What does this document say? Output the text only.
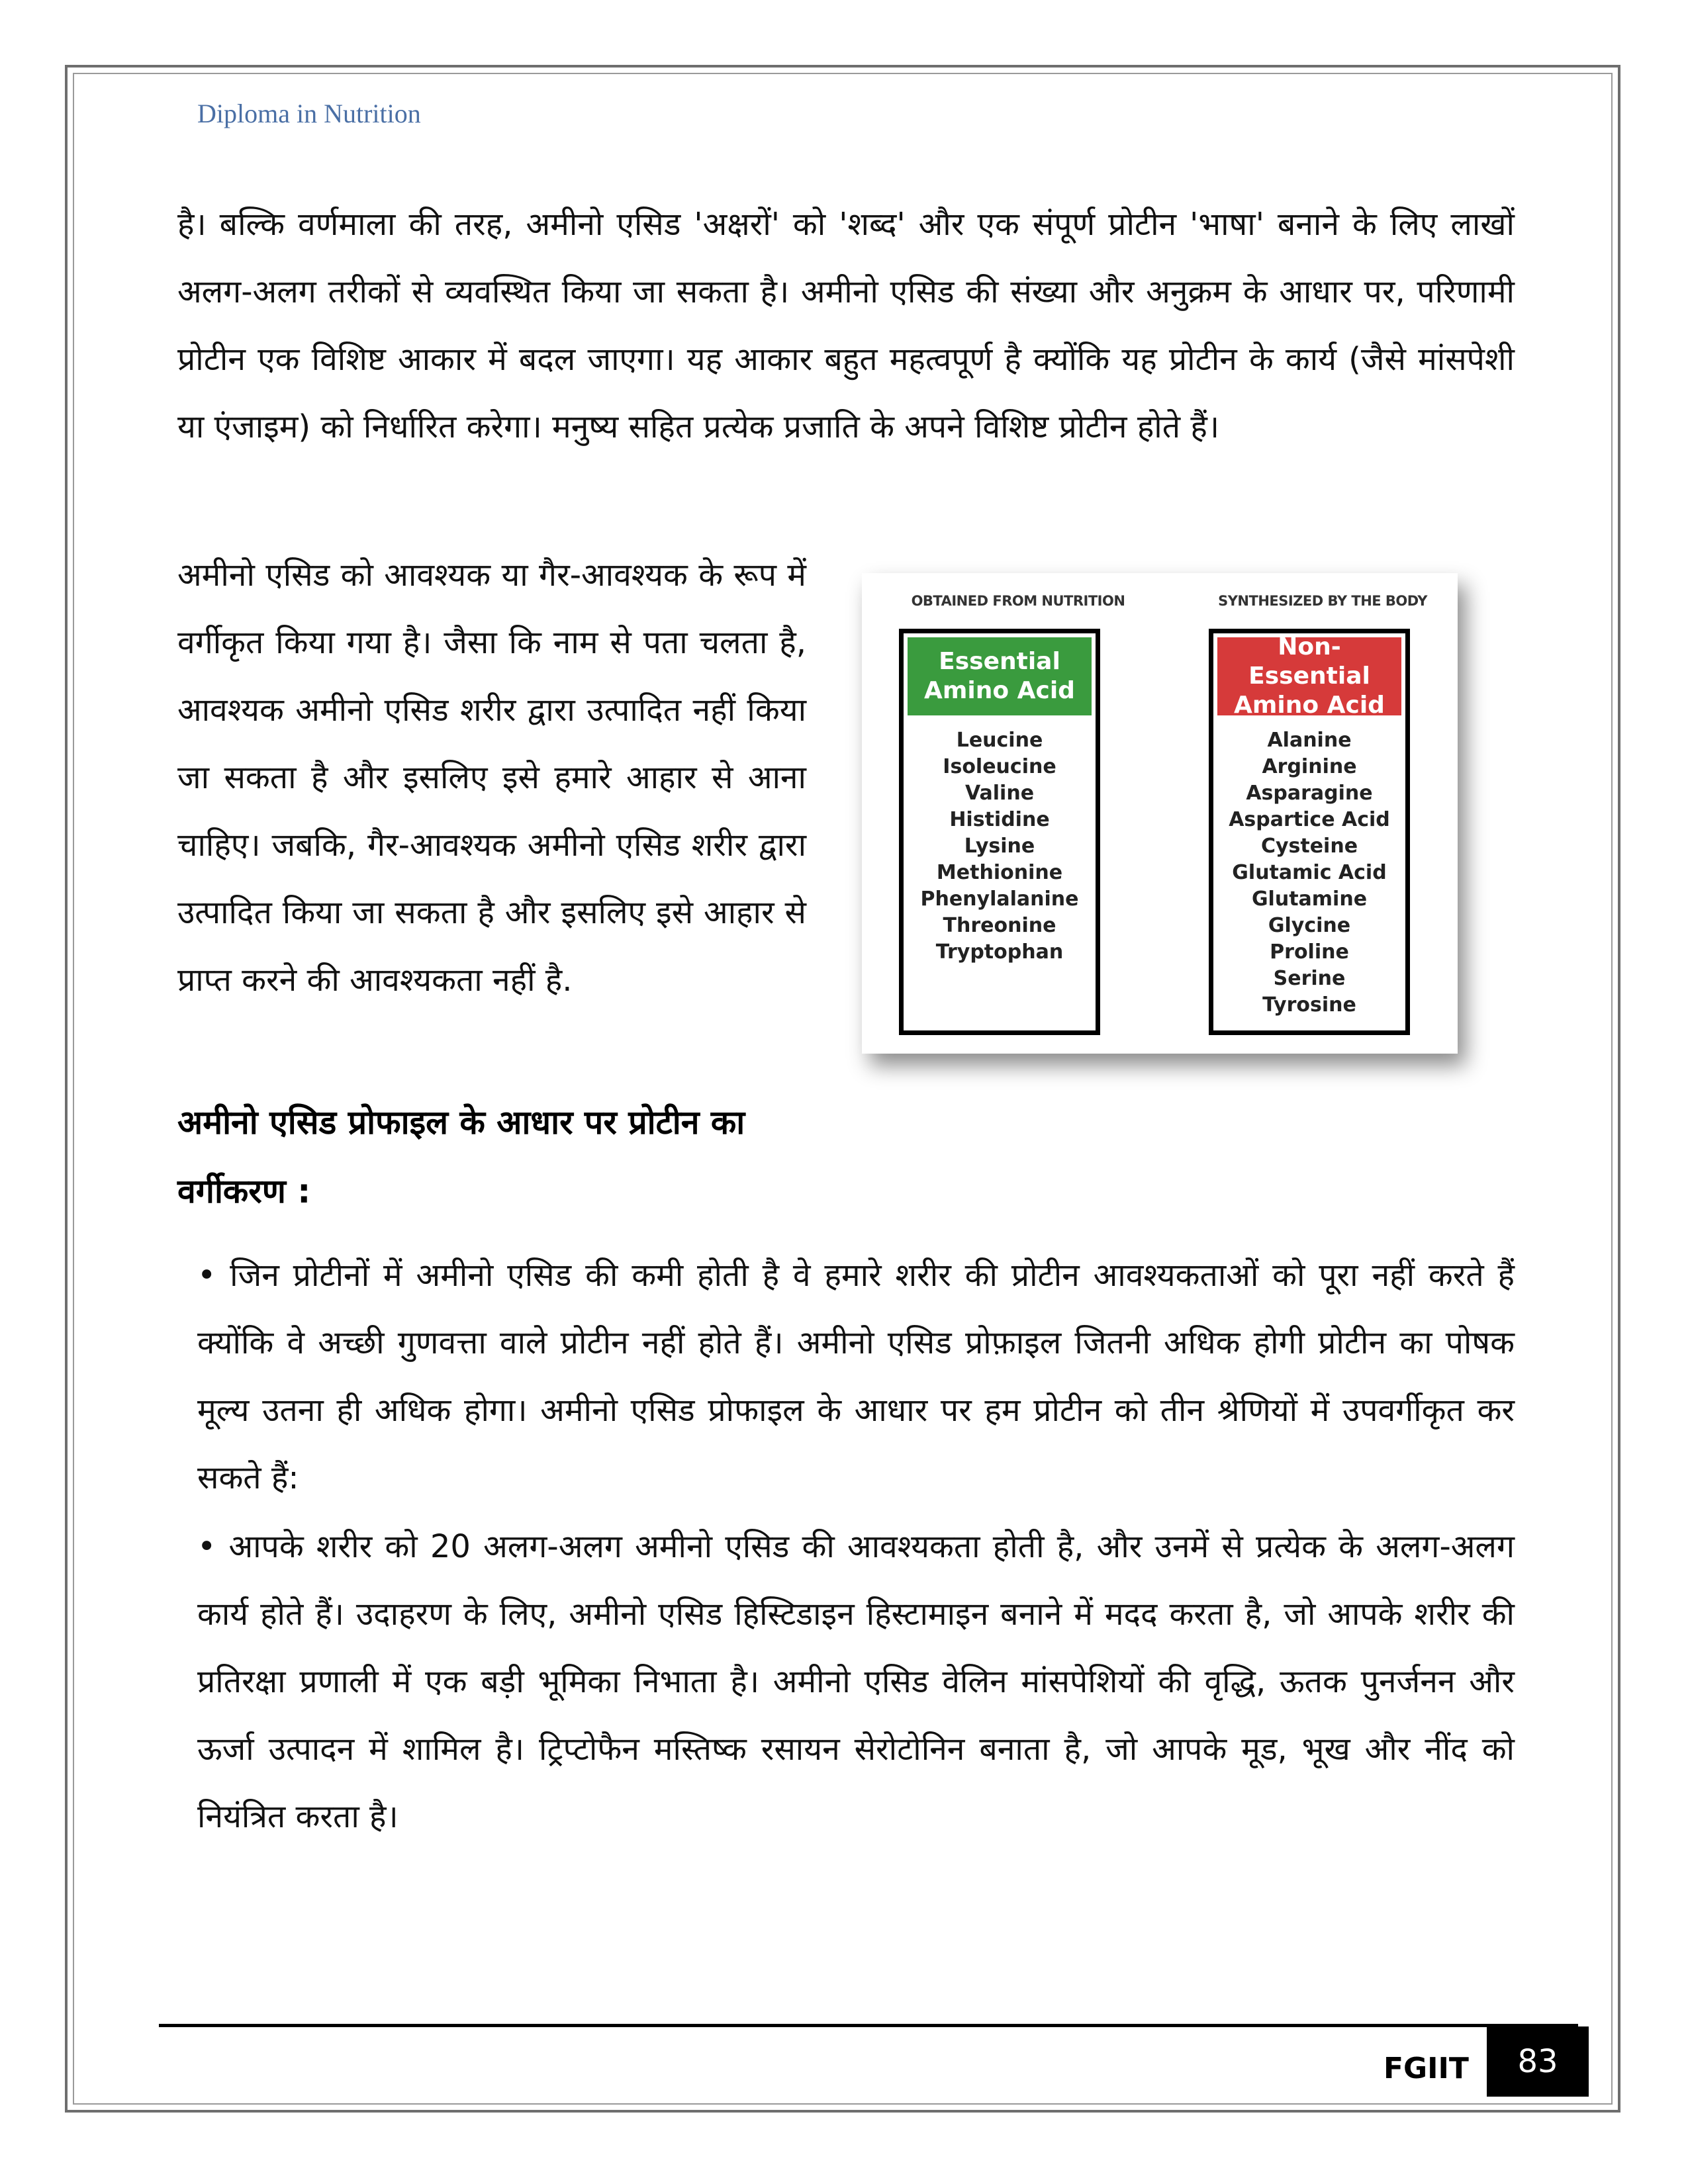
Diploma in Nutrition

है। बल्कि वर्णमाला की तरह, अमीनो एसिड 'अक्षरों' को 'शब्द' और एक संपूर्ण प्रोटीन 'भाषा' बनाने के लिए लाखों अलग-अलग तरीकों से व्यवस्थित किया जा सकता है। अमीनो एसिड की संख्या और अनुक्रम के आधार पर, परिणामी प्रोटीन एक विशिष्ट आकार में बदल जाएगा। यह आकार बहुत महत्वपूर्ण है क्योंकि यह प्रोटीन के कार्य (जैसे मांसपेशी या एंजाइम) को निर्धारित करेगा। मनुष्य सहित प्रत्येक प्रजाति के अपने विशिष्ट प्रोटीन होते हैं।

अमीनो एसिड को आवश्यक या गैर-आवश्यक के रूप में वर्गीकृत किया गया है। जैसा कि नाम से पता चलता है, आवश्यक अमीनो एसिड शरीर द्वारा उत्पादित नहीं किया जा सकता है और इसलिए इसे हमारे आहार से आना चाहिए। जबकि, गैर-आवश्यक अमीनो एसिड शरीर द्वारा उत्पादित किया जा सकता है और इसलिए इसे आहार से प्राप्त करने की आवश्यकता नहीं है.

OBTAINED FROM NUTRITION	SYNTHESIZED BY THE BODY
Essential
Amino Acid
Leucine
Isoleucine
Valine
Histidine
Lysine
Methionine
Phenylalanine
Threonine
Tryptophan
Non-Essential
Amino Acid
Alanine
Arginine
Asparagine
Aspartice Acid
Cysteine
Glutamic Acid
Glutamine
Glycine
Proline
Serine
Tyrosine

अमीनो एसिड प्रोफाइल के आधार पर प्रोटीन का वर्गीकरण :

• जिन प्रोटीनों में अमीनो एसिड की कमी होती है वे हमारे शरीर की प्रोटीन आवश्यकताओं को पूरा नहीं करते हैं क्योंकि वे अच्छी गुणवत्ता वाले प्रोटीन नहीं होते हैं। अमीनो एसिड प्रोफ़ाइल जितनी अधिक होगी प्रोटीन का पोषक मूल्य उतना ही अधिक होगा। अमीनो एसिड प्रोफाइल के आधार पर हम प्रोटीन को तीन श्रेणियों में उपवर्गीकृत कर सकते हैं:

• आपके शरीर को 20 अलग-अलग अमीनो एसिड की आवश्यकता होती है, और उनमें से प्रत्येक के अलग-अलग कार्य होते हैं। उदाहरण के लिए, अमीनो एसिड हिस्टिडाइन हिस्टामाइन बनाने में मदद करता है, जो आपके शरीर की प्रतिरक्षा प्रणाली में एक बड़ी भूमिका निभाता है। अमीनो एसिड वेलिन मांसपेशियों की वृद्धि, ऊतक पुनर्जनन और ऊर्जा उत्पादन में शामिल है। ट्रिप्टोफैन मस्तिष्क रसायन सेरोटोनिन बनाता है, जो आपके मूड, भूख और नींद को नियंत्रित करता है।

FGIIT	83
